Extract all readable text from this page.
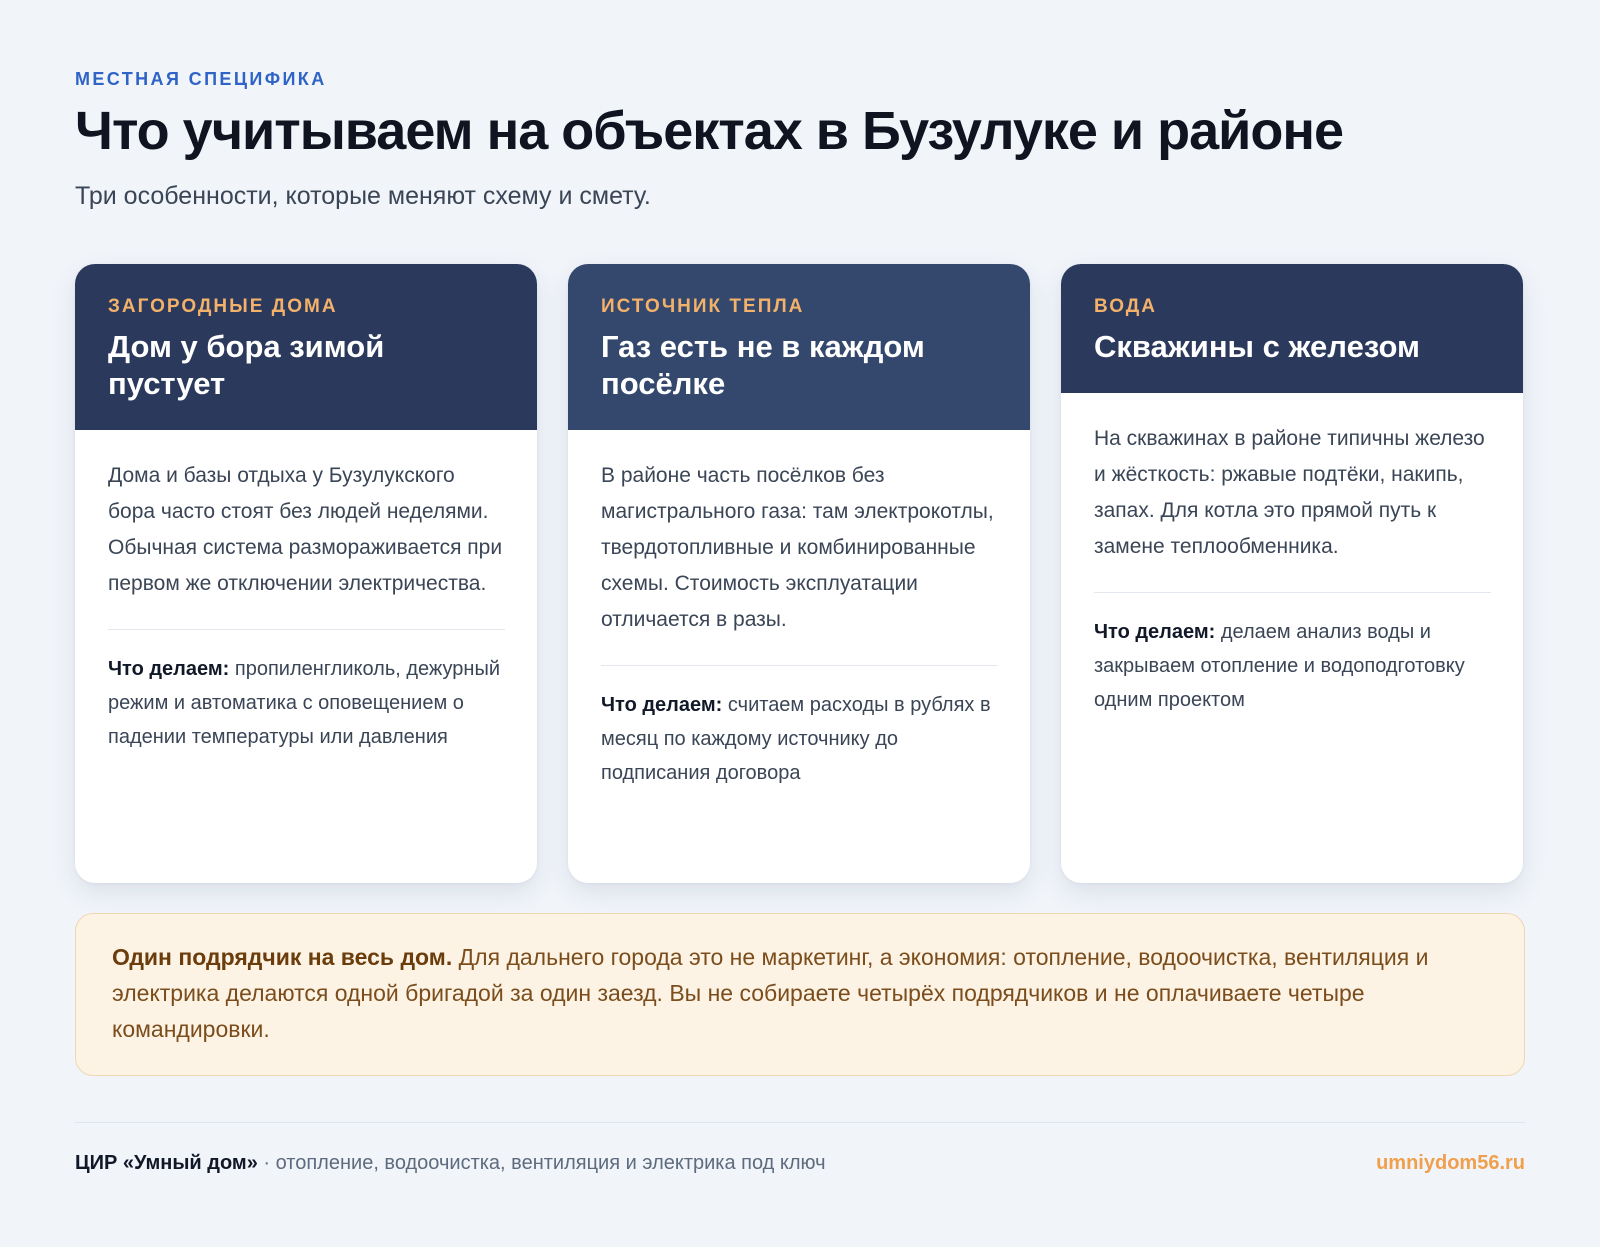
МЕСТНАЯ СПЕЦИФИКА
Что учитываем на объектах в Бузулуке и районе
Три особенности, которые меняют схему и смету.
ЗАГОРОДНЫЕ ДОМА
Дом у бора зимой пустует
Дома и базы отдыха у Бузулукского бора часто стоят без людей неделями. Обычная система размораживается при первом же отключении электричества.
Что делаем: пропиленгликоль, дежурный режим и автоматика с оповещением о падении температуры или давления
ИСТОЧНИК ТЕПЛА
Газ есть не в каждом посёлке
В районе часть посёлков без магистрального газа: там электрокотлы, твердотопливные и комбинированные схемы. Стоимость эксплуатации отличается в разы.
Что делаем: считаем расходы в рублях в месяц по каждому источнику до подписания договора
ВОДА
Скважины с железом
На скважинах в районе типичны железо и жёсткость: ржавые подтёки, накипь, запах. Для котла это прямой путь к замене теплообменника.
Что делаем: делаем анализ воды и закрываем отопление и водоподготовку одним проектом
Один подрядчик на весь дом. Для дальнего города это не маркетинг, а экономия: отопление, водоочистка, вентиляция и электрика делаются одной бригадой за один заезд. Вы не собираете четырёх подрядчиков и не оплачиваете четыре командировки.
ЦИР «Умный дом» · отопление, водоочистка, вентиляция и электрика под ключ	umniydom56.ru
